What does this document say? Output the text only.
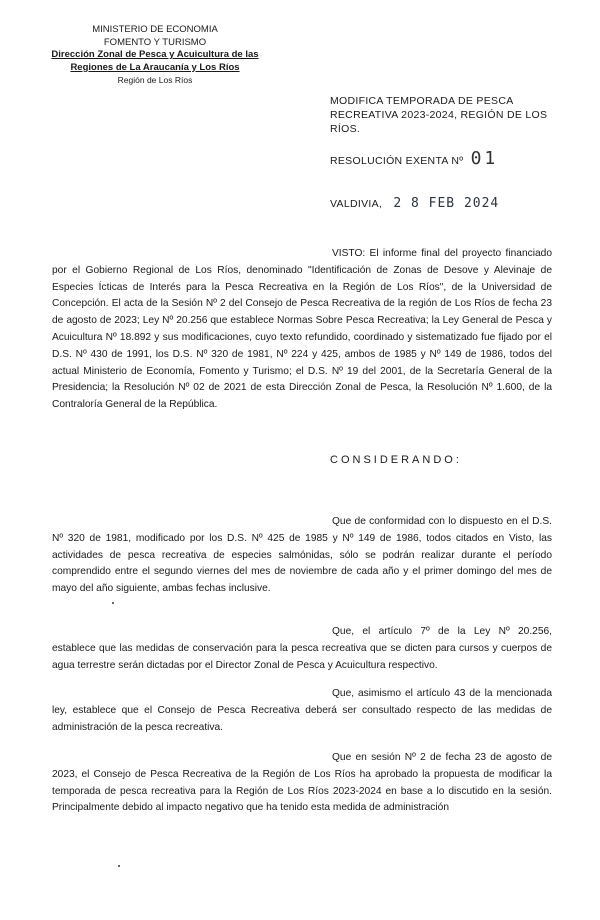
MINISTERIO DE ECONOMIA
FOMENTO Y TURISMO
Dirección Zonal de Pesca y Acuicultura de las
Regiones de La Araucanía y Los Ríos
Región de Los Ríos
MODIFICA TEMPORADA DE PESCA RECREATIVA 2023-2024, REGIÓN DE LOS RÍOS.
RESOLUCIÓN EXENTA Nº 01
VALDIVIA, 2 8 FEB 2024
VISTO: El informe final del proyecto financiado por el Gobierno Regional de Los Ríos, denominado "Identificación de Zonas de Desove y Alevinaje de Especies Ícticas de Interés para la Pesca Recreativa en la Región de Los Ríos", de la Universidad de Concepción. El acta de la Sesión Nº 2 del Consejo de Pesca Recreativa de la región de Los Ríos de fecha 23 de agosto de 2023; Ley Nº 20.256 que establece Normas Sobre Pesca Recreativa; la Ley General de Pesca y Acuicultura Nº 18.892 y sus modificaciones, cuyo texto refundido, coordinado y sistematizado fue fijado por el D.S. Nº 430 de 1991, los D.S. Nº 320 de 1981, Nº 224 y 425, ambos de 1985 y Nº 149 de 1986, todos del actual Ministerio de Economía, Fomento y Turismo; el D.S. Nº 19 del 2001, de la Secretaría General de la Presidencia; la Resolución Nº 02 de 2021 de esta Dirección Zonal de Pesca, la Resolución Nº 1.600, de la Contraloría General de la República.
CONSIDERANDO:
Que de conformidad con lo dispuesto en el D.S. Nº 320 de 1981, modificado por los D.S. Nº 425 de 1985 y Nº 149 de 1986, todos citados en Visto, las actividades de pesca recreativa de especies salmónidas, sólo se podrán realizar durante el período comprendido entre el segundo viernes del mes de noviembre de cada año y el primer domingo del mes de mayo del año siguiente, ambas fechas inclusive.
Que, el artículo 7º de la Ley Nº 20.256, establece que las medidas de conservación para la pesca recreativa que se dicten para cursos y cuerpos de agua terrestre serán dictadas por el Director Zonal de Pesca y Acuicultura respectivo.
Que, asimismo el artículo 43 de la mencionada ley, establece que el Consejo de Pesca Recreativa deberá ser consultado respecto de las medidas de administración de la pesca recreativa.
Que en sesión Nº 2 de fecha 23 de agosto de 2023, el Consejo de Pesca Recreativa de la Región de Los Ríos ha aprobado la propuesta de modificar la temporada de pesca recreativa para la Región de Los Ríos 2023-2024 en base a lo discutido en la sesión. Principalmente debido al impacto negativo que ha tenido esta medida de administración
